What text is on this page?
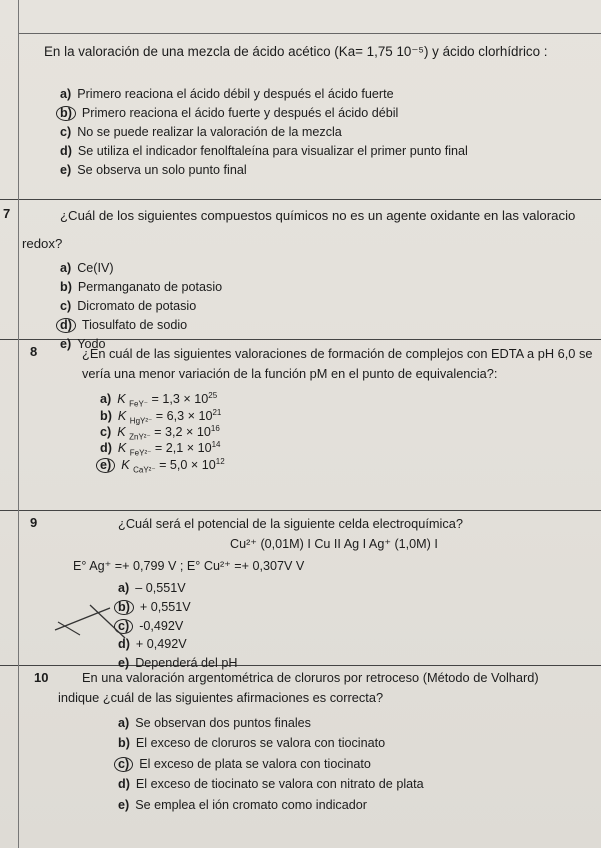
En la valoración de una mezcla de ácido acético (Ka= 1,75 10⁻⁵) y ácido clorhídrico :
a) Primero reaciona el ácido débil y después el ácido fuerte
b) Primero reaciona el ácido fuerte y después el ácido débil
c) No se puede realizar la valoración de la mezcla
d) Se utiliza el indicador fenolftaleína para visualizar el primer punto final
e) Se observa un solo punto final
7	¿Cuál de los siguientes compuestos químicos no es un agente oxidante en las valoracio
redox?
a) Ce(IV)
b) Permanganato de potasio
c) Dicromato de potasio
d) Tiosulfato de sodio
e) Yodo
8	¿En cuál de las siguientes valoraciones de formación de complejos con EDTA a pH 6,0 se
vería una menor variación de la función pM en el punto de equivalencia?:
a) K $_{FeY^-} = 1,3 \times 10^{25}$
b) K $_{HgY^{2-}} = 6,3 \times 10^{21}$
c) K $_{ZnY^{2-}} = 3,2 \times 10^{16}$
d) K $_{FeY^{2-}} = 2,1 \times 10^{14}$
e) K $_{CaY^{2-}} = 5,0 \times 10^{12}$
9	¿Cuál será el potencial de la siguiente celda electroquímica?
Cu²⁺ (0,01M) I Cu II Ag I Ag⁺ (1,0M) I
E° Ag⁺ =+ 0,799 V ; E° Cu²⁺ =+ 0,307V V
a) – 0,551V
b) + 0,551V
c) -0,492V
d) + 0,492V
e) Dependerá del pH
10	En una valoración argentométrica de cloruros por retroceso (Método de Volhard)
indique ¿cuál de las siguientes afirmaciones es correcta?
a) Se observan dos puntos finales
b) El exceso de cloruros se valora con tiocinato
c) El exceso de plata se valora con tiocinato
d) El exceso de tiocinato se valora con nitrato de plata
e) Se emplea el ión cromato como indicador
